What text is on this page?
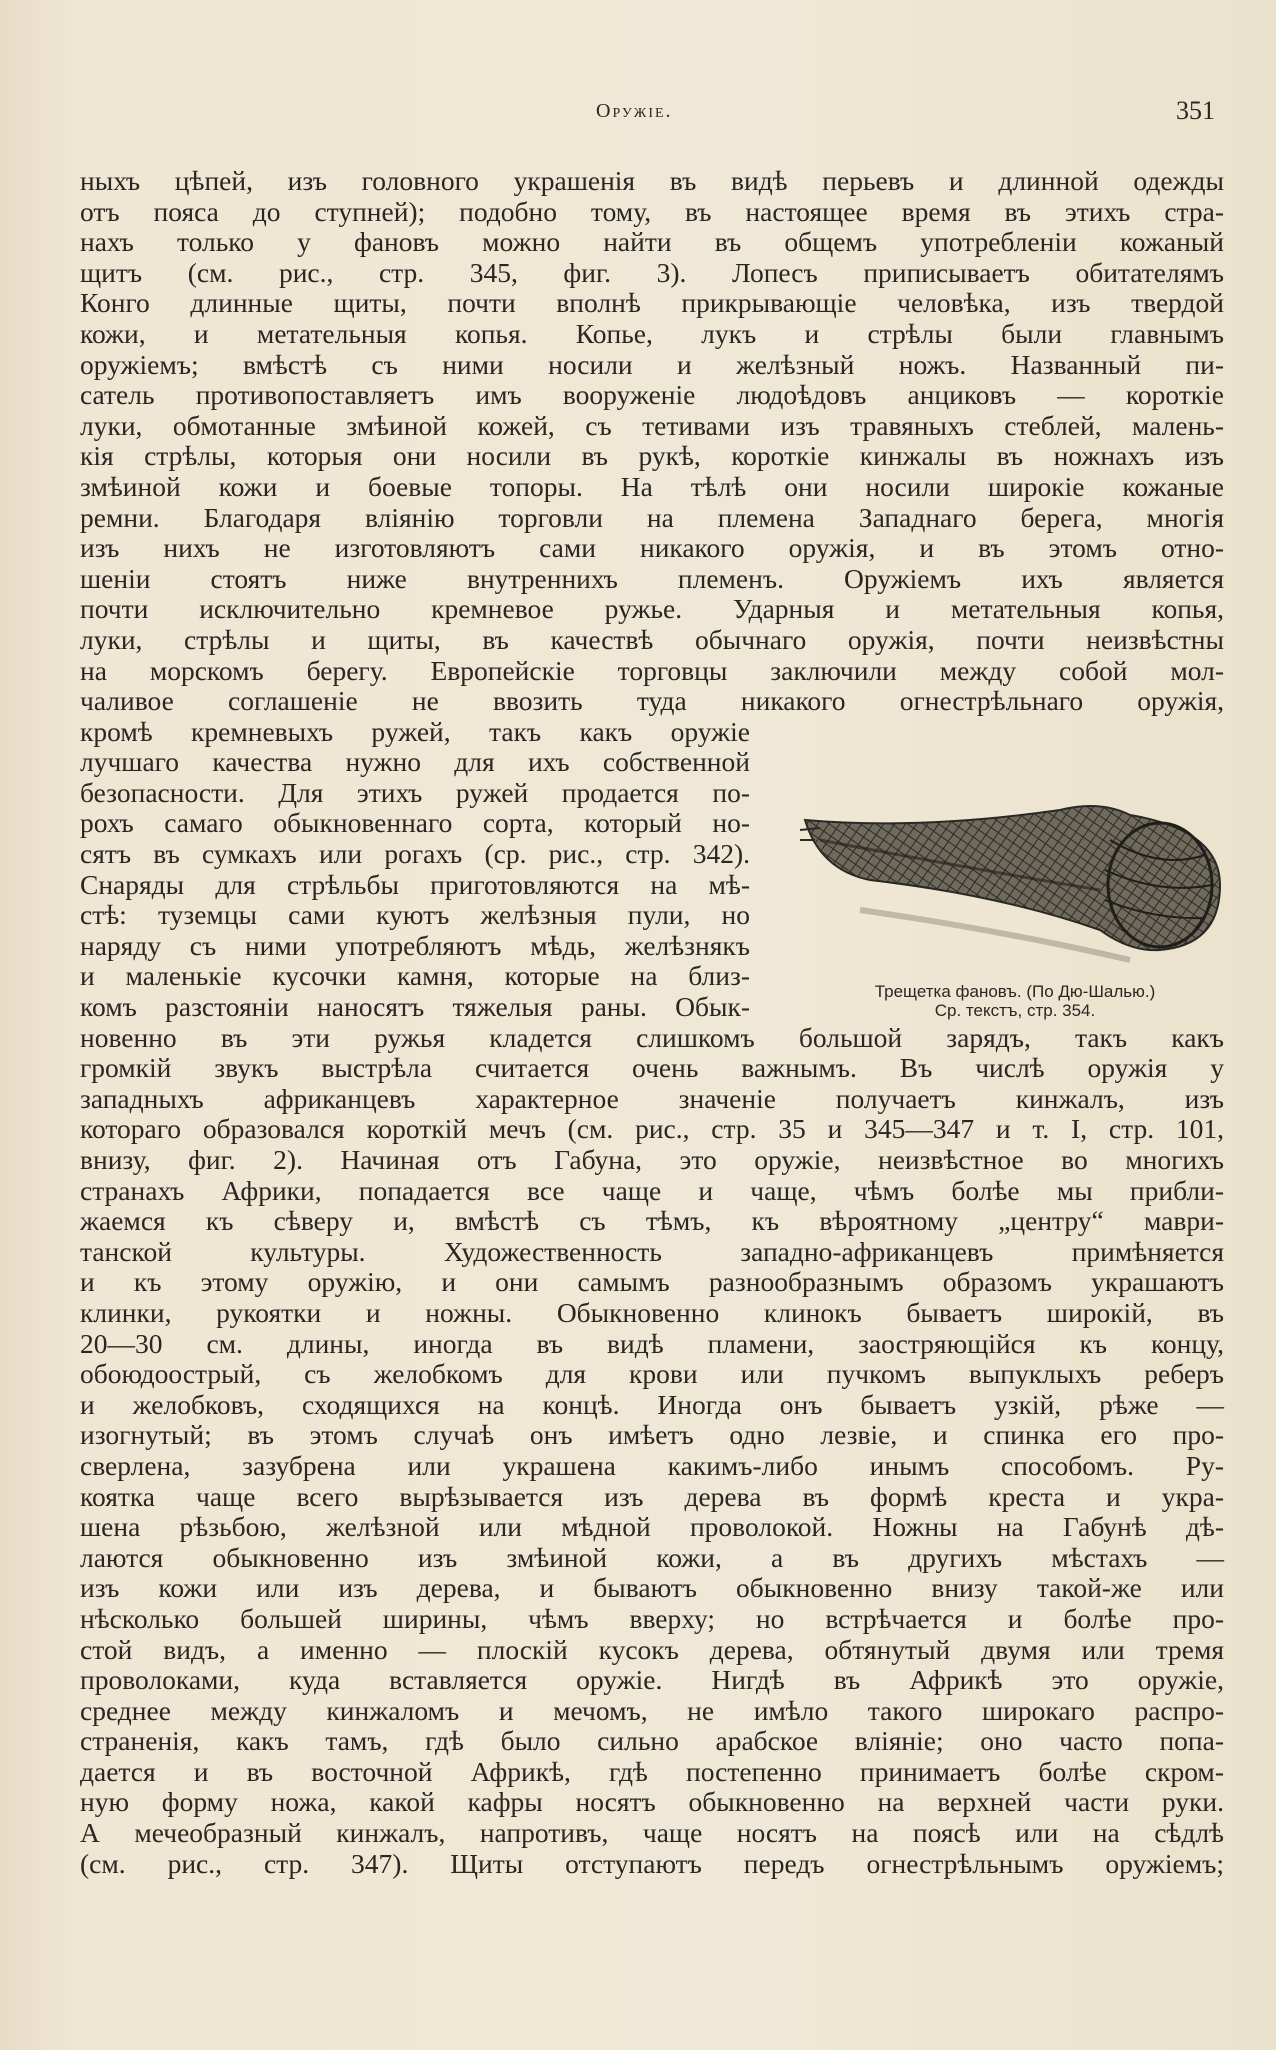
Оружіе.	351
ныхъ цѣпей, изъ головного украшенія въ видѣ перьевъ и длинной одежды
отъ пояса до ступней); подобно тому, въ настоящее время въ этихъ стра-
нахъ только у фановъ можно найти въ общемъ употребленіи кожаный
щитъ (см. рис., стр. 345, фиг. 3). Лопесъ приписываетъ обитателямъ
Конго длинные щиты, почти вполнѣ прикрывающіе человѣка, изъ твердой
кожи, и метательныя копья. Копье, лукъ и стрѣлы были главнымъ
оружіемъ; вмѣстѣ съ ними носили и желѣзный ножъ. Названный пи-
сатель противопоставляетъ имъ вооруженіе людоѣдовъ анциковъ — короткіе
луки, обмотанные змѣиной кожей, съ тетивами изъ травяныхъ стеблей, малень-
кія стрѣлы, которыя они носили въ рукѣ, короткіе кинжалы въ ножнахъ изъ
змѣиной кожи и боевые топоры. На тѣлѣ они носили широкіе кожаные
ремни. Благодаря вліянію торговли на племена Западнаго берега, многія
изъ нихъ не изготовляютъ сами никакого оружія, и въ этомъ отно-
шеніи стоятъ ниже внутреннихъ племенъ. Оружіемъ ихъ является
почти исключительно кремневое ружье. Ударныя и метательныя копья,
луки, стрѣлы и щиты, въ качествѣ обычнаго оружія, почти неизвѣстны
на морскомъ берегу. Европейскіе торговцы заключили между собой мол-
чаливое соглашеніе не ввозить туда никакого огнестрѣльнаго оружія,
кромѣ кремневыхъ ружей, такъ какъ оружіе
лучшаго качества нужно для ихъ собственной
безопасности. Для этихъ ружей продается по-
рохъ самаго обыкновеннаго сорта, который но-
сятъ въ сумкахъ или рогахъ (ср. рис., стр. 342).
Снаряды для стрѣльбы приготовляются на мѣ-
стѣ: туземцы сами куютъ желѣзныя пули, но
наряду съ ними употребляютъ мѣдь, желѣзнякъ
и маленькіе кусочки камня, которые на близ-
комъ разстояніи наносятъ тяжелыя раны. Обык-
новенно въ эти ружья кладется слишкомъ большой зарядъ, такъ какъ
громкій звукъ выстрѣла считается очень важнымъ. Въ числѣ оружія у
западныхъ африканцевъ характерное значеніе получаетъ кинжалъ, изъ
котораго образовался короткій мечъ (см. рис., стр. 35 и 345—347 и т. I, стр. 101,
внизу, фиг. 2). Начиная отъ Габуна, это оружіе, неизвѣстное во многихъ
странахъ Африки, попадается все чаще и чаще, чѣмъ болѣе мы прибли-
жаемся къ сѣверу и, вмѣстѣ съ тѣмъ, къ вѣроятному „центру“ маври-
танской культуры. Художественность западно-африканцевъ примѣняется
и къ этому оружію, и они самымъ разнообразнымъ образомъ украшаютъ
клинки, рукоятки и ножны. Обыкновенно клинокъ бываетъ широкій, въ
20—30 см. длины, иногда въ видѣ пламени, заостряющійся къ концу,
обоюдоострый, съ желобкомъ для крови или пучкомъ выпуклыхъ реберъ
и желобковъ, сходящихся на концѣ. Иногда онъ бываетъ узкій, рѣже —
изогнутый; въ этомъ случаѣ онъ имѣетъ одно лезвіе, и спинка его про-
сверлена, зазубрена или украшена какимъ-либо инымъ способомъ. Ру-
коятка чаще всего вырѣзывается изъ дерева въ формѣ креста и укра-
шена рѣзьбою, желѣзной или мѣдной проволокой. Ножны на Габунѣ дѣ-
лаются обыкновенно изъ змѣиной кожи, а въ другихъ мѣстахъ —
изъ кожи или изъ дерева, и бываютъ обыкновенно внизу такой-же или
нѣсколько большей ширины, чѣмъ вверху; но встрѣчается и болѣе про-
стой видъ, а именно — плоскій кусокъ дерева, обтянутый двумя или тремя
проволоками, куда вставляется оружіе. Нигдѣ въ Африкѣ это оружіе,
среднее между кинжаломъ и мечомъ, не имѣло такого широкаго распро-
страненія, какъ тамъ, гдѣ было сильно арабское вліяніе; оно часто попа-
дается и въ восточной Африкѣ, гдѣ постепенно принимаетъ болѣе скром-
ную форму ножа, какой кафры носятъ обыкновенно на верхней части руки.
А мечеобразный кинжалъ, напротивъ, чаще носятъ на поясѣ или на сѣдлѣ
(см. рис., стр. 347). Щиты отступаютъ передъ огнестрѣльнымъ оружіемъ;
Трещетка фановъ. (По Дю-Шалью.)
Ср. текстъ, стр. 354.
